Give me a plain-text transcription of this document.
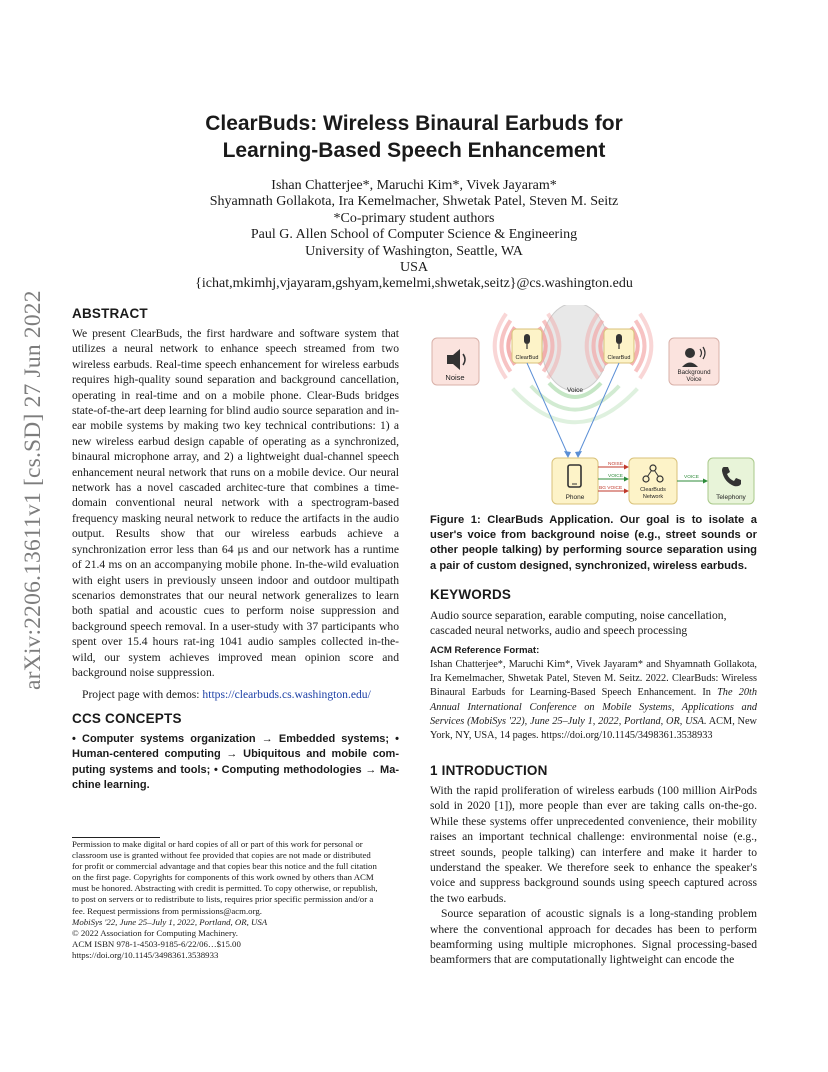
ClearBuds: Wireless Binaural Earbuds for
Learning-Based Speech Enhancement
Ishan Chatterjee*, Maruchi Kim*, Vivek Jayaram*
Shyamnath Gollakota, Ira Kemelmacher, Shwetak Patel, Steven M. Seitz
*Co-primary student authors
Paul G. Allen School of Computer Science & Engineering
University of Washington, Seattle, WA
USA
{ichat,mkimhj,vjayaram,gshyam,kemelmi,shwetak,seitz}@cs.washington.edu
arXiv:2206.13611v1 [cs.SD] 27 Jun 2022 ABSTRACT
We present ClearBuds, the first hardware and software system that utilizes a neural network to enhance speech streamed from two wireless earbuds. Real-time speech enhancement for wireless earbuds requires high-quality sound separation and background cancellation, operating in real-time and on a mobile phone. Clear-Buds bridges state-of-the-art deep learning for blind audio source separation and in-ear mobile systems by making two key technical contributions: 1) a new wireless earbud design capable of operating as a synchronized, binaural microphone array, and 2) a lightweight dual-channel speech enhancement neural network that runs on a mobile device. Our neural network has a novel cascaded architec-ture that combines a time-domain conventional neural network with a spectrogram-based frequency masking neural network to reduce the artifacts in the audio output. Results show that our wireless earbuds achieve a synchronization error less than 64 μs and our network has a runtime of 21.4 ms on an accompanying mobile phone. In-the-wild evaluation with eight users in previously unseen indoor and outdoor multipath scenarios demonstrates that our neural network generalizes to learn both spatial and acoustic cues to perform noise suppression and background speech removal. In a user-study with 37 participants who spent over 15.4 hours rat-ing 1041 audio samples collected in-the-wild, our system achieves improved mean opinion score and background noise suppression.
Project page with demos: https://clearbuds.cs.washington.edu/
CCS CONCEPTS
• Computer systems organization → Embedded systems; • Human-centered computing → Ubiquitous and mobile com-puting systems and tools; • Computing methodologies → Ma-chine learning.
Permission to make digital or hard copies of all or part of this work for personal or
classroom use is granted without fee provided that copies are not made or distributed
for profit or commercial advantage and that copies bear this notice and the full citation
on the first page. Copyrights for components of this work owned by others than ACM
must be honored. Abstracting with credit is permitted. To copy otherwise, or republish,
to post on servers or to redistribute to lists, requires prior specific permission and/or a
fee. Request permissions from permissions@acm.org.
MobiSys '22, June 25–July 1, 2022, Portland, OR, USA
© 2022 Association for Computing Machinery.
ACM ISBN 978-1-4503-9185-6/22/06…$15.00
https://doi.org/10.1145/3498361.3538933
Noise
ClearBud	ClearBud
Voice
Background
Voice
Phone
NOISE
VOICE
BG VOICE	ClearBuds
Network
VOICE
Telephony
Figure 1: ClearBuds Application. Our goal is to isolate a user's voice from background noise (e.g., street sounds or other people talking) by performing source separation using a pair of custom designed, synchronized, wireless earbuds.
KEYWORDS
Audio source separation, earable computing, noise cancellation, cascaded neural networks, audio and speech processing
ACM Reference Format:
Ishan Chatterjee*, Maruchi Kim*, Vivek Jayaram* and Shyamnath Gollakota, Ira Kemelmacher, Shwetak Patel, Steven M. Seitz. 2022. ClearBuds: Wireless Binaural Earbuds for Learning-Based Speech Enhancement. In The 20th Annual International Conference on Mobile Systems, Applications and Services (MobiSys '22), June 25–July 1, 2022, Portland, OR, USA. ACM, New York, NY, USA, 14 pages. https://doi.org/10.1145/3498361.3538933
1 INTRODUCTION
With the rapid proliferation of wireless earbuds (100 million AirPods sold in 2020 [1]), more people than ever are taking calls on-the-go. While these systems offer unprecedented convenience, their mobility raises an important technical challenge: environmental noise (e.g., street sounds, people talking) can interfere and make it harder to understand the speaker. We therefore seek to enhance the speaker's voice and suppress background sounds using speech captured across the two earbuds.
Source separation of acoustic signals is a long-standing problem where the conventional approach for decades has been to perform beamforming using multiple microphones. Signal processing-based beamformers that are computationally lightweight can encode the
